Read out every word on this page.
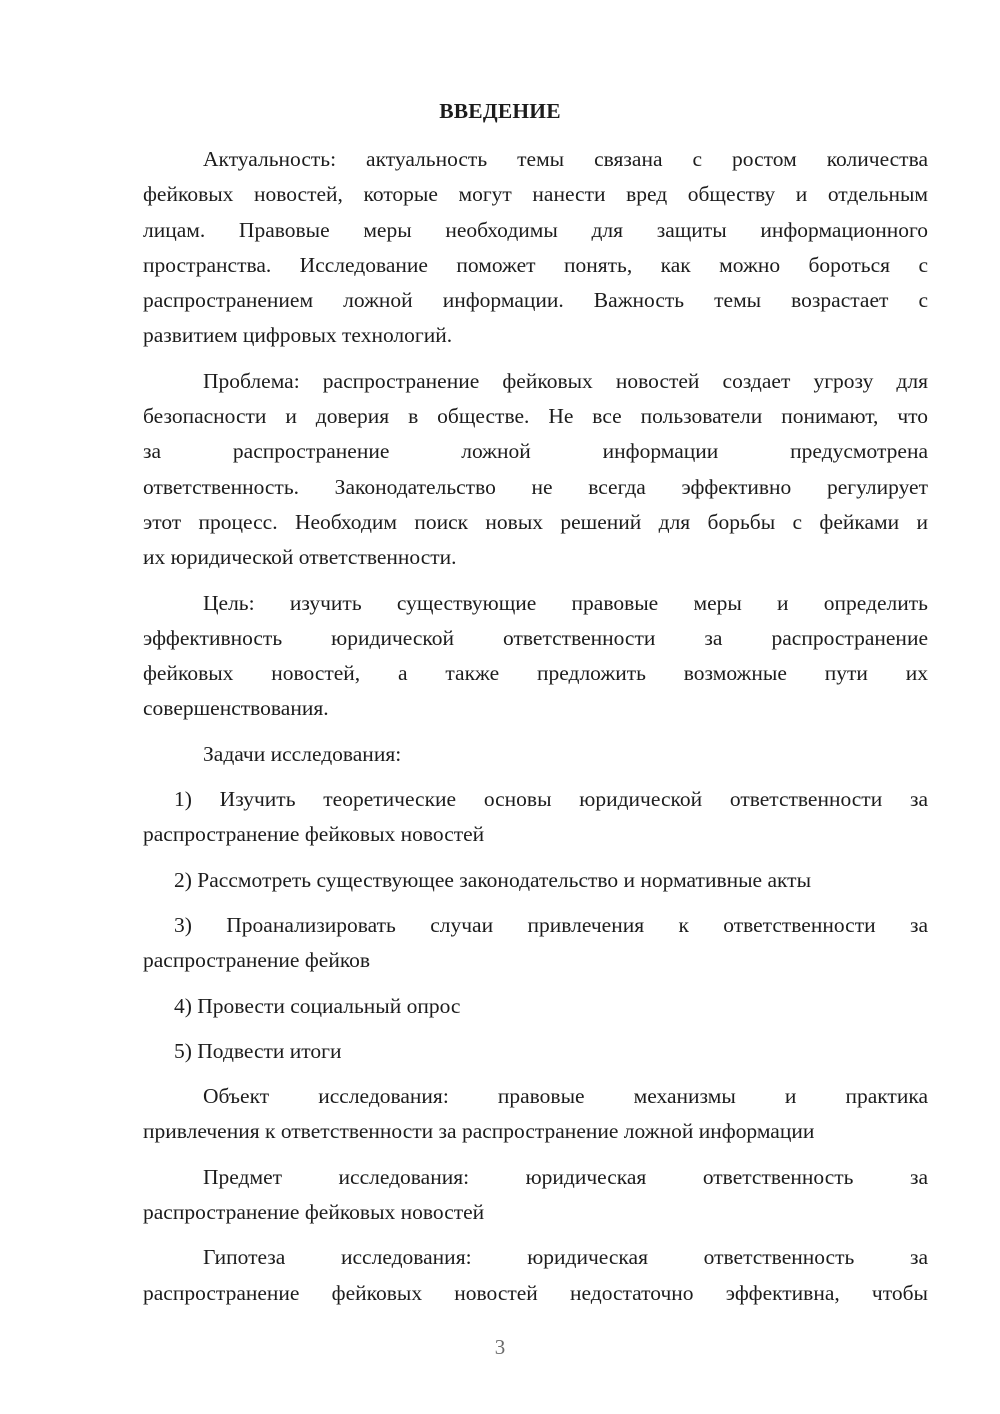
ВВЕДЕНИЕ
Актуальность: актуальность темы связана с ростом количества
фейковых новостей, которые могут нанести вред обществу и отдельным
лицам. Правовые меры необходимы для защиты информационного
пространства. Исследование поможет понять, как можно бороться с
распространением ложной информации. Важность темы возрастает с
развитием цифровых технологий.
Проблема: распространение фейковых новостей создает угрозу для
безопасности и доверия в обществе. Не все пользователи понимают, что
за распространение ложной информации предусмотрена
ответственность. Законодательство не всегда эффективно регулирует
этот процесс. Необходим поиск новых решений для борьбы с фейками и
их юридической ответственности.
Цель: изучить существующие правовые меры и определить
эффективность юридической ответственности за распространение
фейковых новостей, а также предложить возможные пути их
совершенствования.
Задачи исследования:
1) Изучить теоретические основы юридической ответственности за
распространение фейковых новостей
2) Рассмотреть существующее законодательство и нормативные акты
3) Проанализировать случаи привлечения к ответственности за
распространение фейков
4) Провести социальный опрос
5) Подвести итоги
Объект исследования: правовые механизмы и практика
привлечения к ответственности за распространение ложной информации
Предмет исследования: юридическая ответственность за
распространение фейковых новостей
Гипотеза исследования: юридическая ответственность за
распространение фейковых новостей недостаточно эффективна, чтобы
3
